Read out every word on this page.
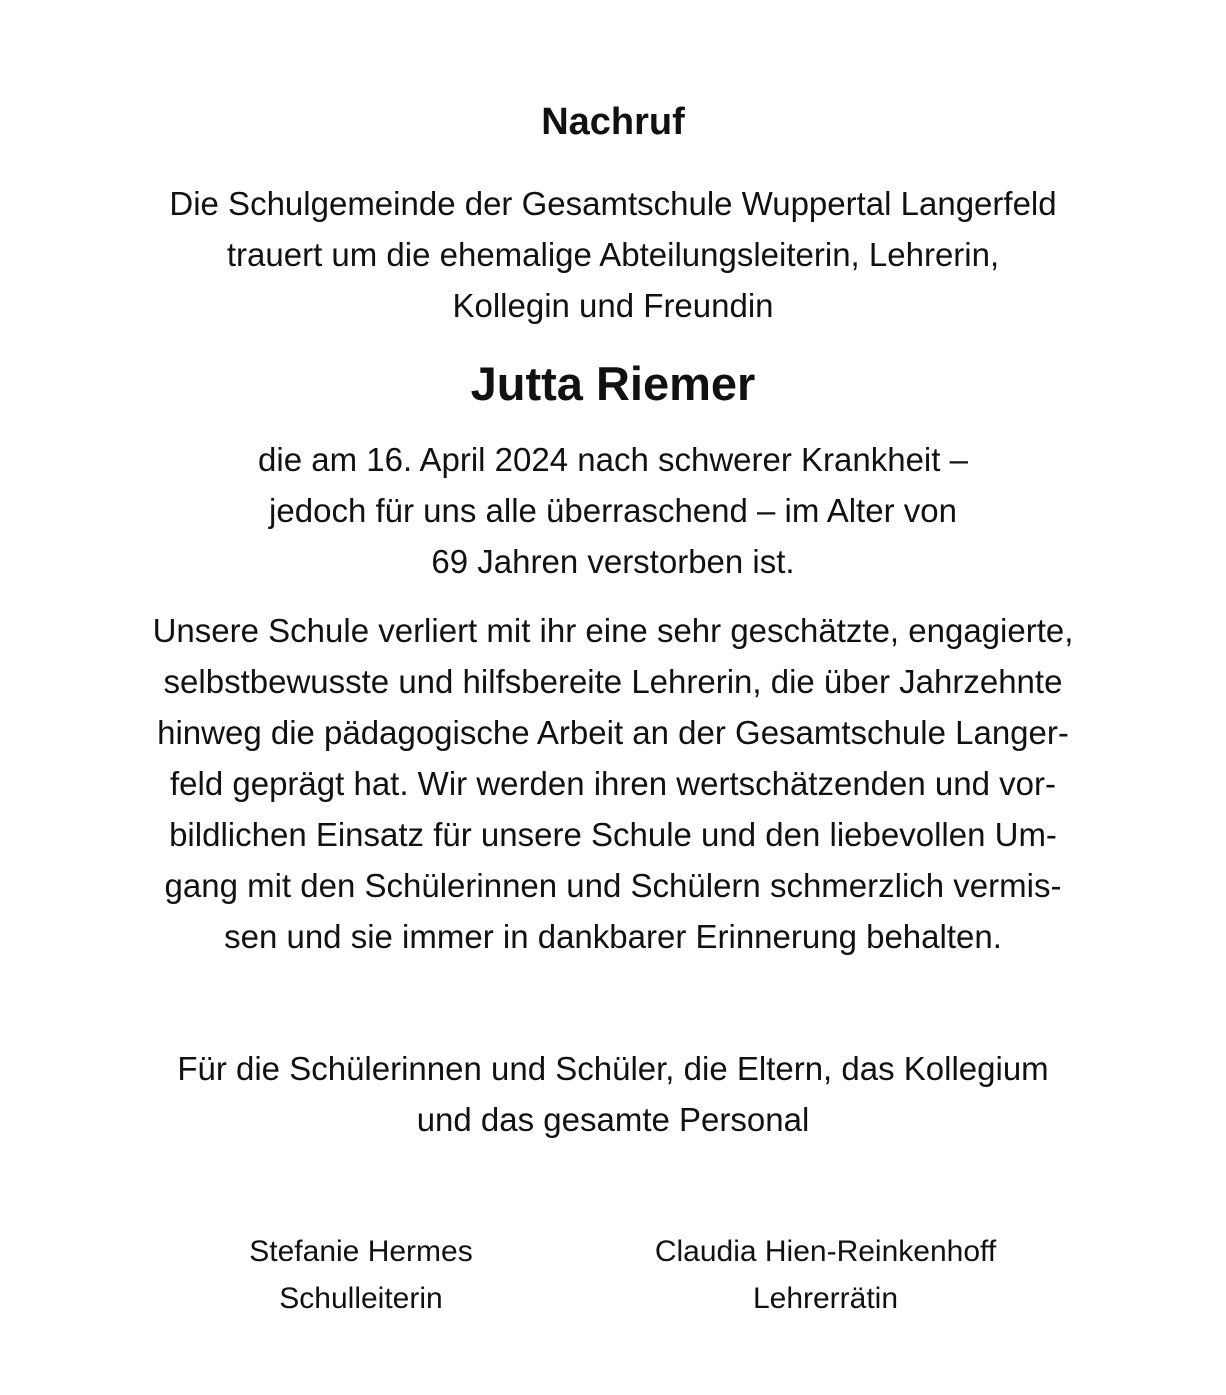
Nachruf
Die Schulgemeinde der Gesamtschule Wuppertal Langerfeld
trauert um die ehemalige Abteilungsleiterin, Lehrerin,
Kollegin und Freundin
Jutta Riemer
die am 16. April 2024 nach schwerer Krankheit –
jedoch für uns alle überraschend – im Alter von
69 Jahren verstorben ist.
Unsere Schule verliert mit ihr eine sehr geschätzte, engagierte,
selbstbewusste und hilfsbereite Lehrerin, die über Jahrzehnte
hinweg die pädagogische Arbeit an der Gesamtschule Langer-
feld geprägt hat. Wir werden ihren wertschätzenden und vor-
bildlichen Einsatz für unsere Schule und den liebevollen Um-
gang mit den Schülerinnen und Schülern schmerzlich vermis-
sen und sie immer in dankbarer Erinnerung behalten.
Für die Schülerinnen und Schüler, die Eltern, das Kollegium
und das gesamte Personal
Stefanie Hermes
Schulleiterin
Claudia Hien-Reinkenhoff
Lehrerrätin
